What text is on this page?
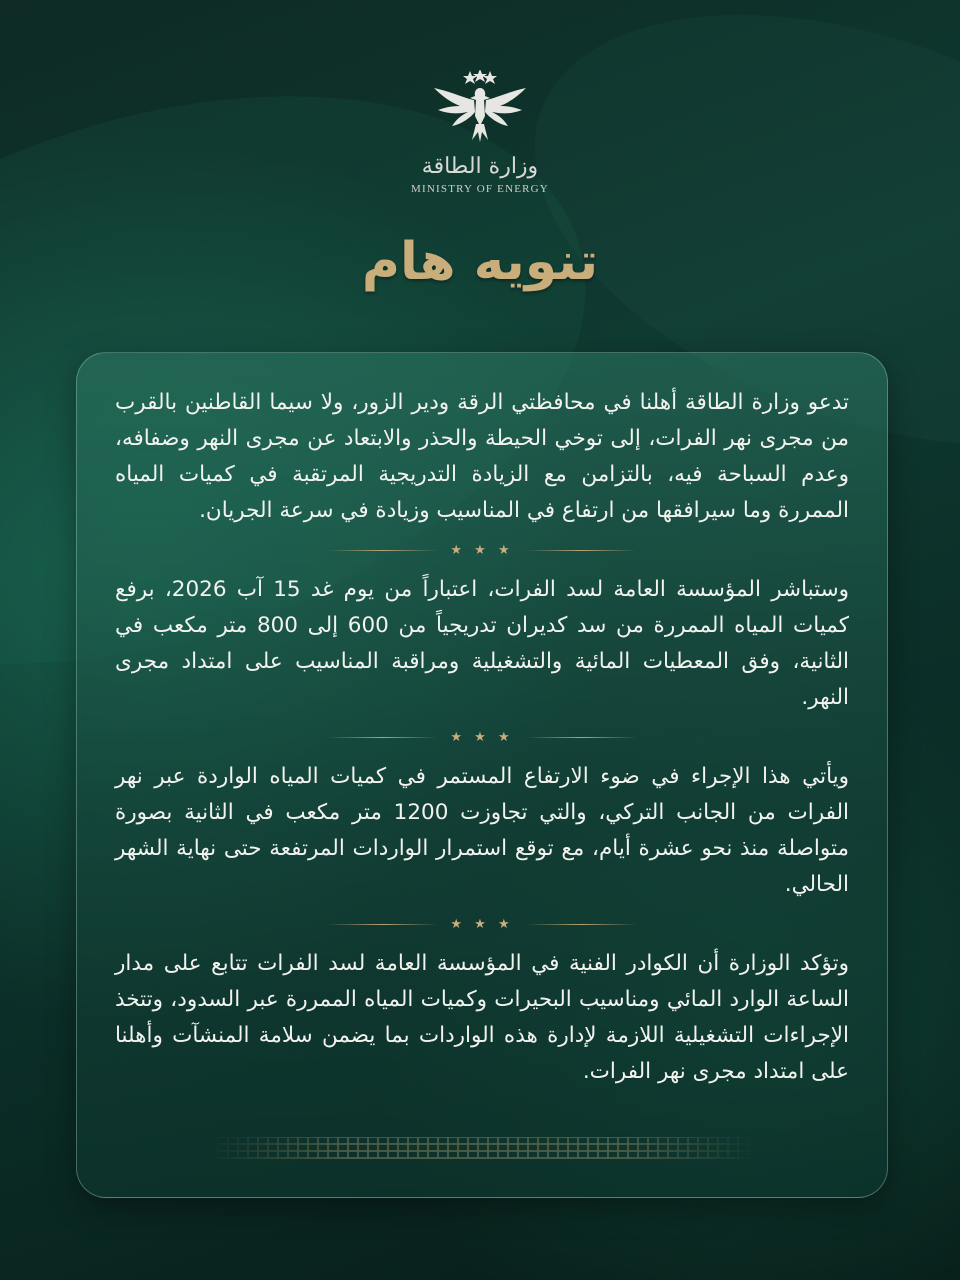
وزارة الطاقة
MINISTRY OF ENERGY
تنويه هام

تدعو وزارة الطاقة أهلنا في محافظتي الرقة ودير الزور، ولا سيما القاطنين بالقرب من مجرى نهر الفرات، إلى توخي الحيطة والحذر والابتعاد عن مجرى النهر وضفافه، وعدم السباحة فيه، بالتزامن مع الزيادة التدريجية المرتقبة في كميات المياه الممررة وما سيرافقها من ارتفاع في المناسيب وزيادة في سرعة الجريان.

★ ★ ★

وستباشر المؤسسة العامة لسد الفرات، اعتباراً من يوم غد 15 آب 2026، برفع كميات المياه الممررة من سد كديران تدريجياً من 600 إلى 800 متر مكعب في الثانية، وفق المعطيات المائية والتشغيلية ومراقبة المناسيب على امتداد مجرى النهر.

★ ★ ★

ويأتي هذا الإجراء في ضوء الارتفاع المستمر في كميات المياه الواردة عبر نهر الفرات من الجانب التركي، والتي تجاوزت 1200 متر مكعب في الثانية بصورة متواصلة منذ نحو عشرة أيام، مع توقع استمرار الواردات المرتفعة حتى نهاية الشهر الحالي.

★ ★ ★

وتؤكد الوزارة أن الكوادر الفنية في المؤسسة العامة لسد الفرات تتابع على مدار الساعة الوارد المائي ومناسيب البحيرات وكميات المياه الممررة عبر السدود، وتتخذ الإجراءات التشغيلية اللازمة لإدارة هذه الواردات بما يضمن سلامة المنشآت وأهلنا على امتداد مجرى نهر الفرات.
